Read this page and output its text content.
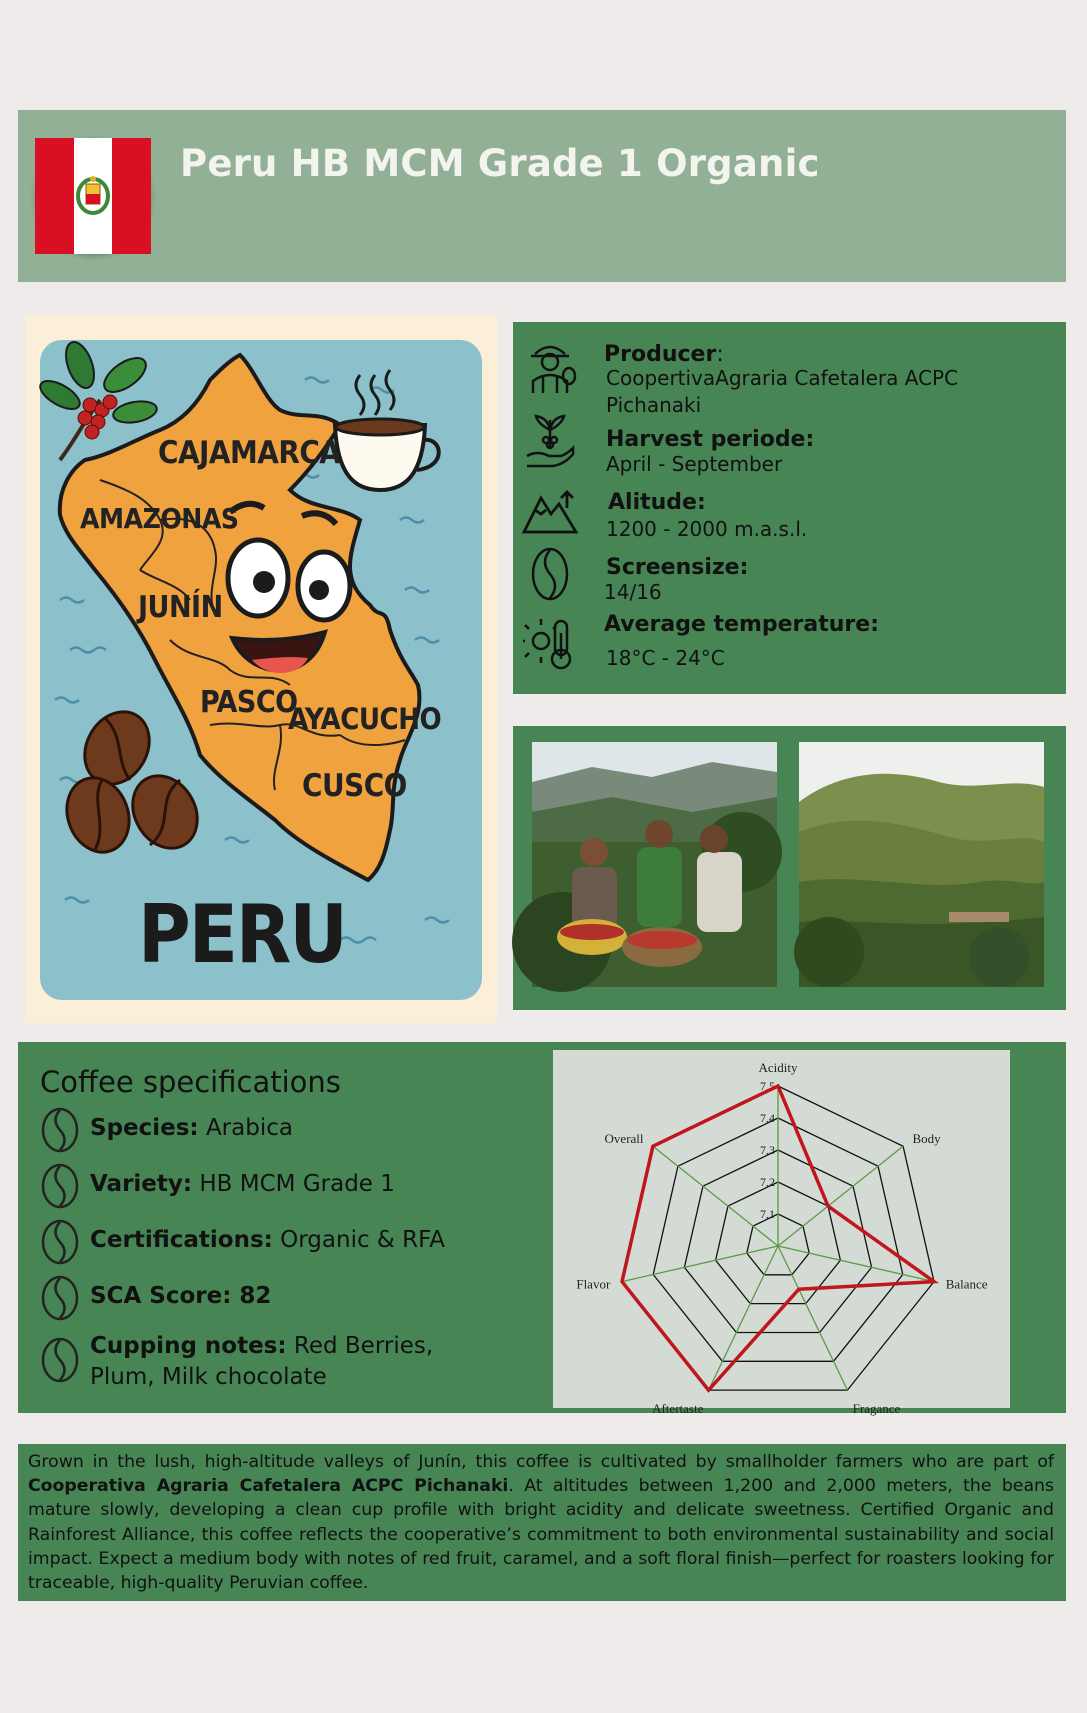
Peru HB MCM Grade 1 Organic
CAJAMARCA
AMAZONAS
JUNÍN
PASCO
AYACUCHO
CUSCO
PERU
Producer:
CoopertivaAgraria Cafetalera ACPC
Pichanaki
Harvest periode:
April - September
Alitude:
1200 - 2000 m.a.s.l.
Screensize:
14/16
Average temperature:
18°C - 24°C
Coffee specifications
Species: Arabica
Variety: HB MCM Grade 1
Certifications: Organic & RFA
SCA Score: 82
Cupping notes: Red Berries,
Plum, Milk chocolate
7,1
7,2
7,3
7,4
7,5
Acidity
Body
Balance
Fragance
Aftertaste
Flavor
Overall
Grown in the lush, high-altitude valleys of Junín, this coffee is cultivated by smallholder farmers who are part of Cooperativa Agraria Cafetalera ACPC Pichanaki. At altitudes between 1,200 and 2,000 meters, the beans mature slowly, developing a clean cup profile with bright acidity and delicate sweetness. Certified Organic and Rainforest Alliance, this coffee reflects the cooperative’s commitment to both environmental sustainability and social impact. Expect a medium body with notes of red fruit, caramel, and a soft floral finish—perfect for roasters looking for traceable, high-quality Peruvian coffee.
